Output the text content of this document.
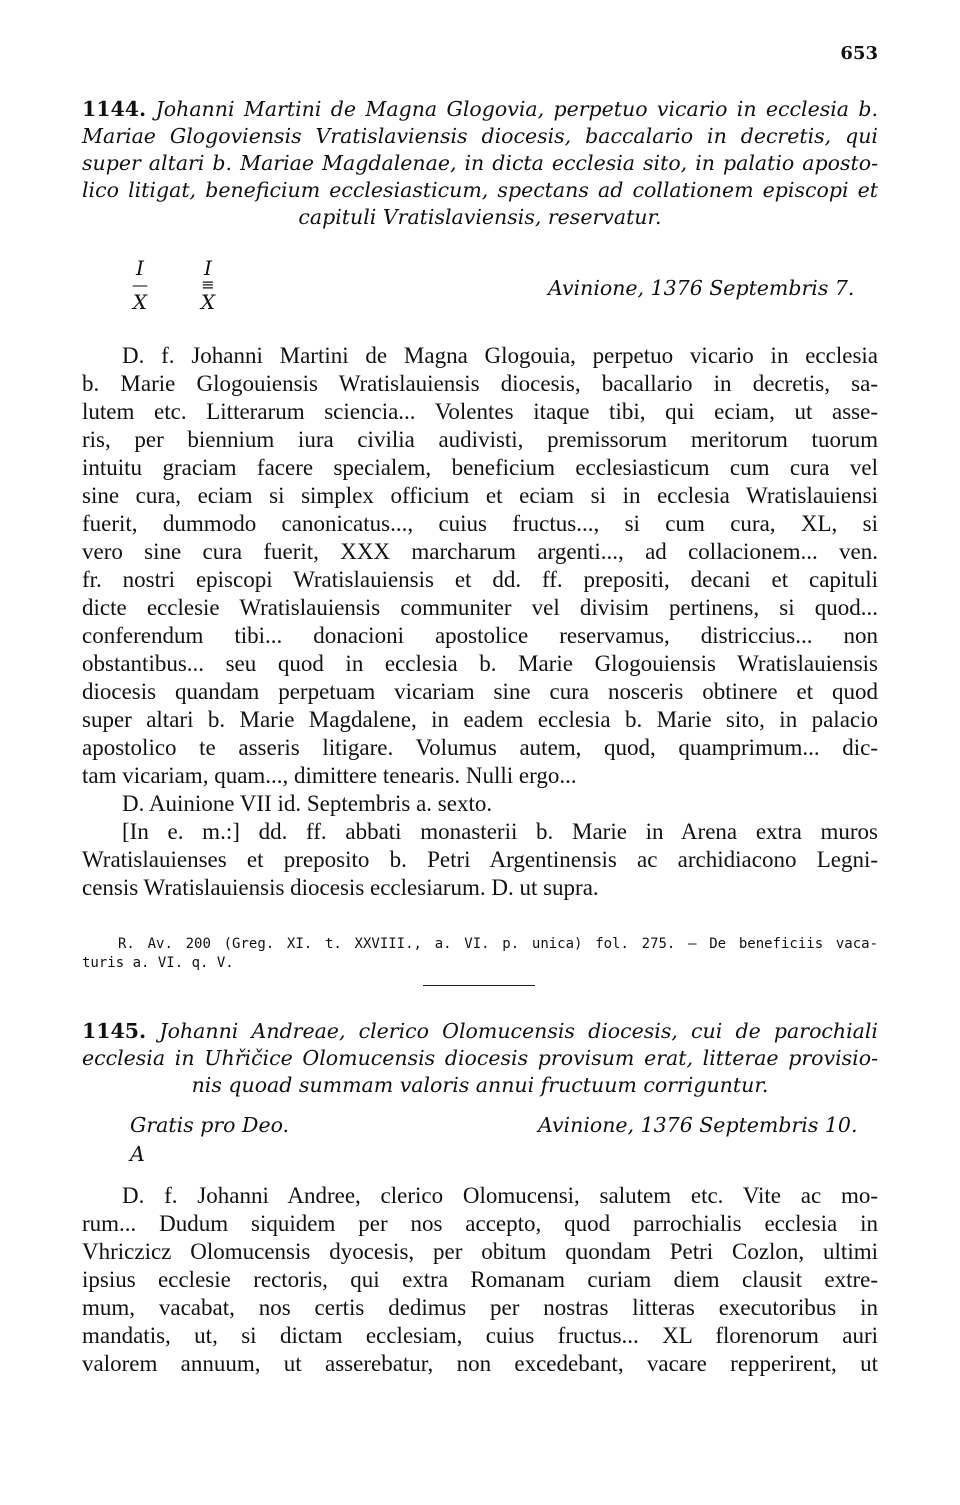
653
1144. Johanni Martini de Magna Glogovia, perpetuo vicario in ecclesia b.
Mariae Glogoviensis Vratislaviensis diocesis, baccalario in decretis, qui
super altari b. Mariae Magdalenae, in dicta ecclesia sito, in palatio aposto-
lico litigat, beneficium ecclesiasticum, spectans ad collationem episcopi et
capituli Vratislaviensis, reservatur.
I
—
X
I
≡
X
Avinione, 1376 Septembris 7.
D. f. Johanni Martini de Magna Glogouia, perpetuo vicario in ecclesia
b. Marie Glogouiensis Wratislauiensis diocesis, bacallario in decretis, sa-
lutem etc. Litterarum sciencia... Volentes itaque tibi, qui eciam, ut asse-
ris, per biennium iura civilia audivisti, premissorum meritorum tuorum
intuitu graciam facere specialem, beneficium ecclesiasticum cum cura vel
sine cura, eciam si simplex officium et eciam si in ecclesia Wratislauiensi
fuerit, dummodo canonicatus..., cuius fructus..., si cum cura, XL, si
vero sine cura fuerit, XXX marcharum argenti..., ad collacionem... ven.
fr. nostri episcopi Wratislauiensis et dd. ff. prepositi, decani et capituli
dicte ecclesie Wratislauiensis communiter vel divisim pertinens, si quod...
conferendum tibi... donacioni apostolice reservamus, districcius... non
obstantibus... seu quod in ecclesia b. Marie Glogouiensis Wratislauiensis
diocesis quandam perpetuam vicariam sine cura nosceris obtinere et quod
super altari b. Marie Magdalene, in eadem ecclesia b. Marie sito, in palacio
apostolico te asseris litigare. Volumus autem, quod, quamprimum... dic-
tam vicariam, quam..., dimittere tenearis. Nulli ergo...
D. Auinione VII id. Septembris a. sexto.
[In e. m.:] dd. ff. abbati monasterii b. Marie in Arena extra muros
Wratislauienses et preposito b. Petri Argentinensis ac archidiacono Legni-
censis Wratislauiensis diocesis ecclesiarum. D. ut supra.
R. Av. 200 (Greg. XI. t. XXVIII., a. VI. p. unica) fol. 275. — De beneficiis vaca-
turis a. VI. q. V.
1145. Johanni Andreae, clerico Olomucensis diocesis, cui de parochiali
ecclesia in Uhřičice Olomucensis diocesis provisum erat, litterae provisio-
nis quoad summam valoris annui fructuum corriguntur.
Gratis pro Deo.
A
Avinione, 1376 Septembris 10.
D. f. Johanni Andree, clerico Olomucensi, salutem etc. Vite ac mo-
rum... Dudum siquidem per nos accepto, quod parrochialis ecclesia in
Vhriczicz Olomucensis dyocesis, per obitum quondam Petri Cozlon, ultimi
ipsius ecclesie rectoris, qui extra Romanam curiam diem clausit extre-
mum, vacabat, nos certis dedimus per nostras litteras executoribus in
mandatis, ut, si dictam ecclesiam, cuius fructus... XL florenorum auri
valorem annuum, ut asserebatur, non excedebant, vacare repperirent, ut
